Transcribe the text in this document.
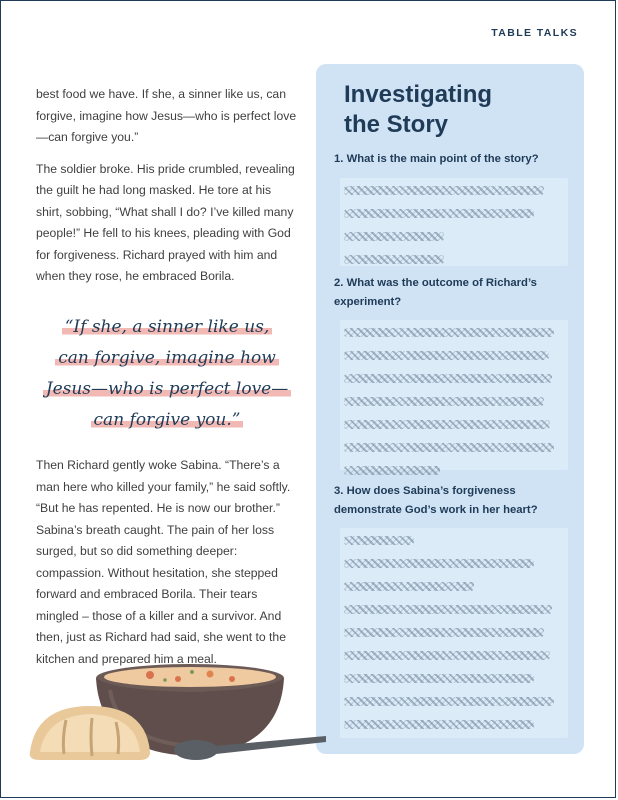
TABLE TALKS

best food we have. If she, a sinner like us, can forgive, imagine how Jesus—who is perfect love—can forgive you.”

The soldier broke. His pride crumbled, revealing the guilt he had long masked. He tore at his shirt, sobbing, “What shall I do? I’ve killed many people!” He fell to his knees, pleading with God for forgiveness. Richard prayed with him and when they rose, he embraced Borila.

“If she, a sinner like us,
can forgive, imagine how
Jesus—who is perfect love—
can forgive you.”

Then Richard gently woke Sabina. “There’s a man here who killed your family,” he said softly. “But he has repented. He is now our brother.” Sabina’s breath caught. The pain of her loss surged, but so did something deeper: compassion. Without hesitation, she stepped forward and embraced Borila. Their tears mingled – those of a killer and a survivor. And then, just as Richard had said, she went to the kitchen and prepared him a meal.

Investigating
the Story
1. What is the main point of the story?
2. What was the outcome of Richard’s experiment?
3. How does Sabina’s forgiveness demonstrate God’s work in her heart?
